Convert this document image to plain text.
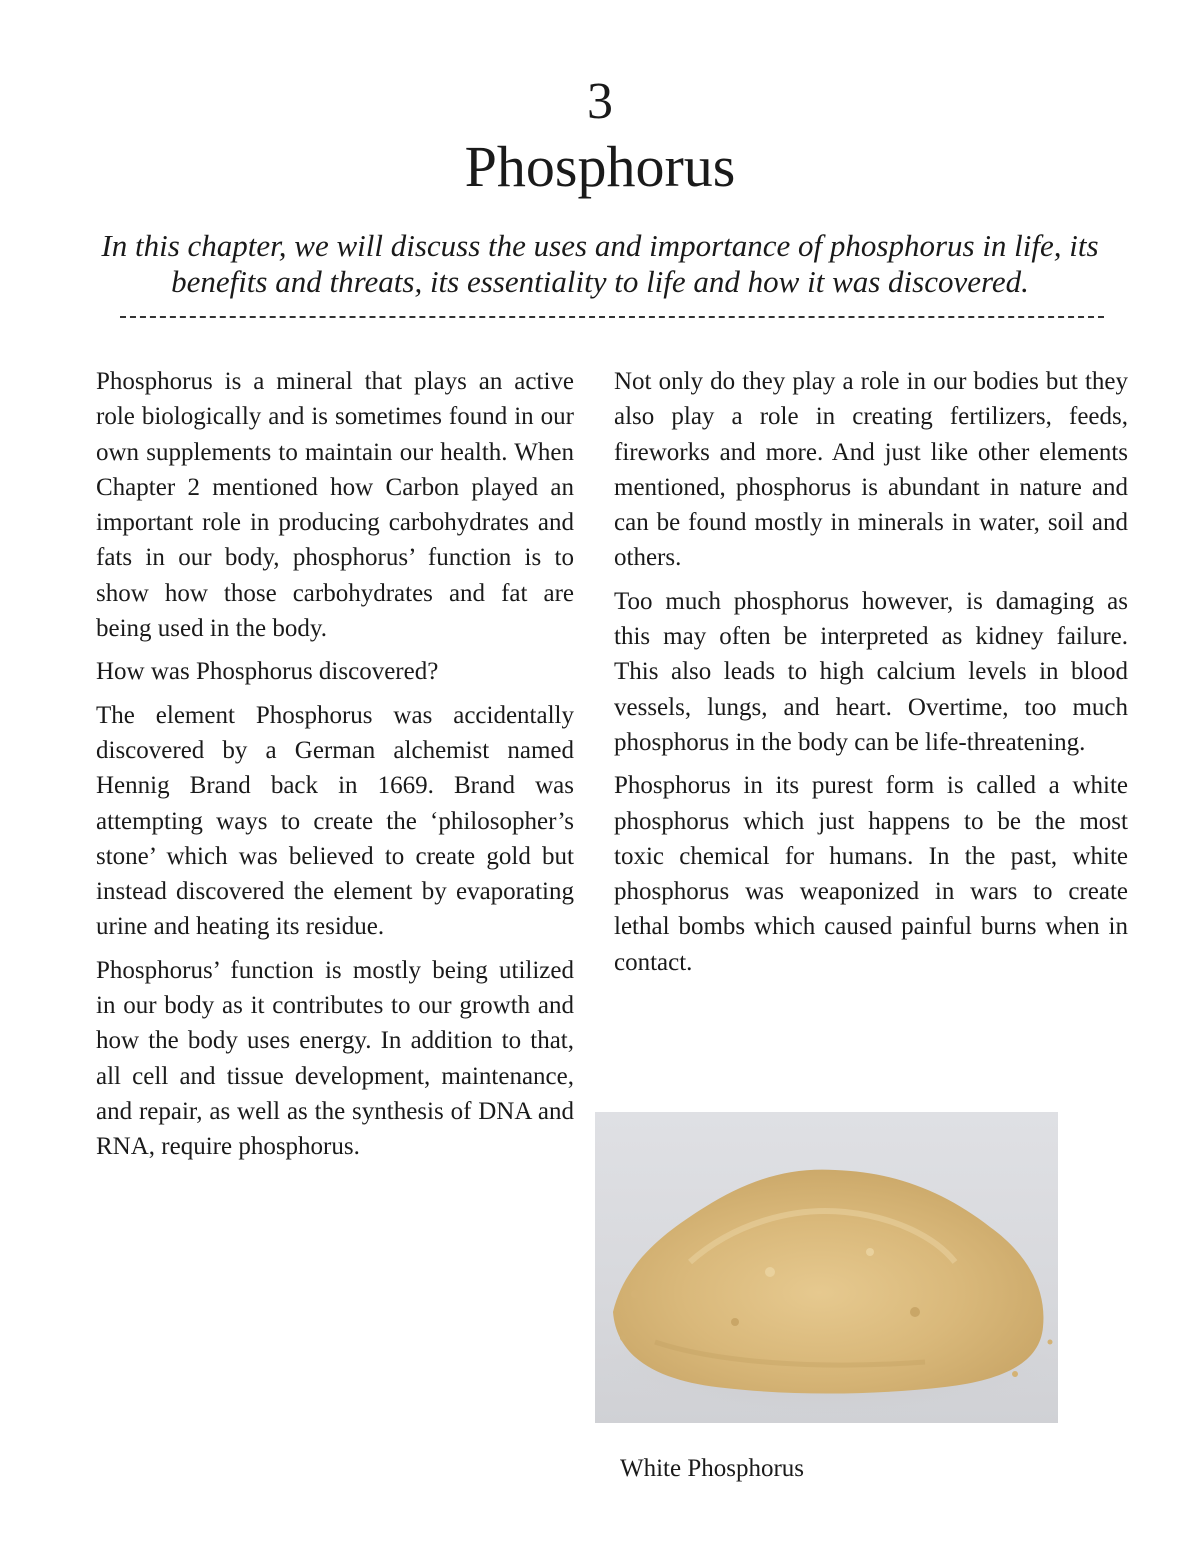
3
Phosphorus
In this chapter, we will discuss the uses and importance of phosphorus in life, its benefits and threats, its essentiality to life and how it was discovered.

Phosphorus is a mineral that plays an active role biologically and is sometimes found in our own supplements to maintain our health. When Chapter 2 mentioned how Carbon played an important role in producing carbohydrates and fats in our body, phosphorus’ function is to show how those carbohydrates and fat are being used in the body.

How was Phosphorus discovered?

The element Phosphorus was accidentally discovered by a German alchemist named Hennig Brand back in 1669. Brand was attempting ways to create the ‘philosopher’s stone’ which was believed to create gold but instead discovered the element by evaporating urine and heating its residue.

Phosphorus’ function is mostly being utilized in our body as it contributes to our growth and how the body uses energy. In addition to that, all cell and tissue development, maintenance, and repair, as well as the synthesis of DNA and RNA, require phosphorus.

Not only do they play a role in our bodies but they also play a role in creating fertilizers, feeds, fireworks and more. And just like other elements mentioned, phosphorus is abundant in nature and can be found mostly in minerals in water, soil and others.

Too much phosphorus however, is damaging as this may often be interpreted as kidney failure. This also leads to high calcium levels in blood vessels, lungs, and heart. Overtime, too much phosphorus in the body can be life-threatening.

Phosphorus in its purest form is called a white phosphorus which just happens to be the most toxic chemical for humans. In the past, white phosphorus was weaponized in wars to create lethal bombs which caused painful burns when in contact.

White Phosphorus
